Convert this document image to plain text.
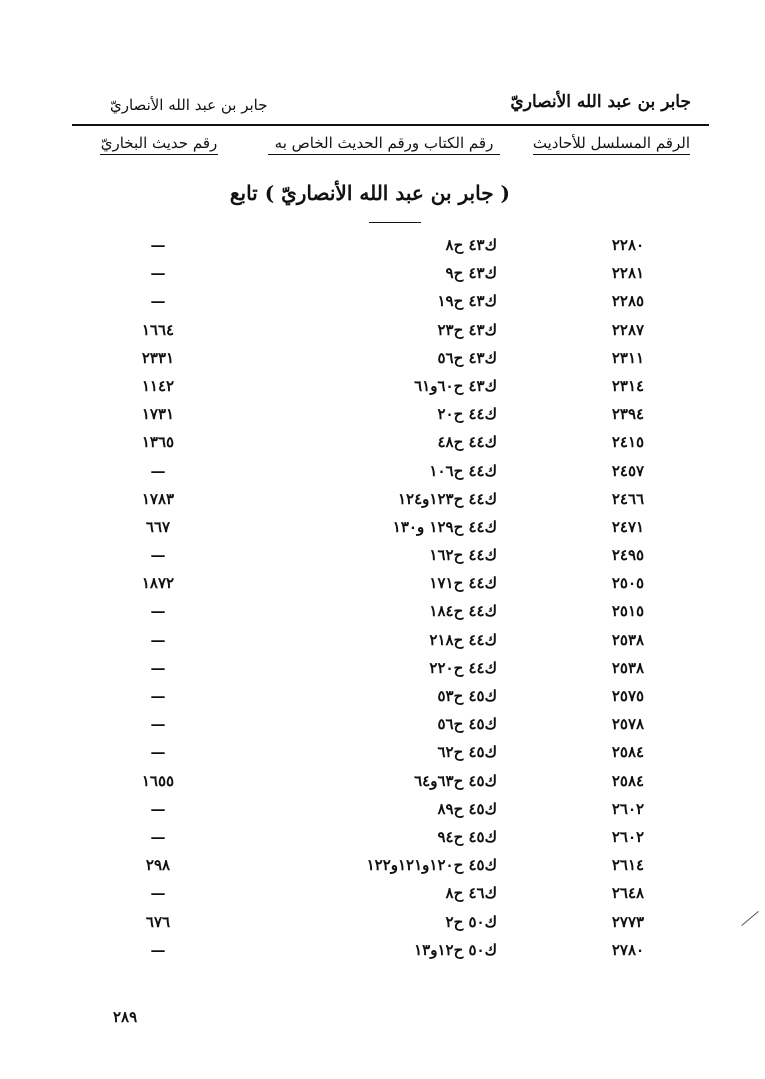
جابر بن عبد الله الأنصاريّ
جابر بن عبد الله الأنصاريّ
الرقم المسلسل للأحاديث
رقم الكتاب ورقم الحديث الخاص به
رقم حديث البخاريّ
( جابر بن عبد الله الأنصاريّ ) تابع
٢٢٨٠
ك٤٣ ح٨
—
٢٢٨١
ك٤٣ ح٩
—
٢٢٨٥
ك٤٣ ح١٩
—
٢٢٨٧
ك٤٣ ح٢٣
١٦٦٤
٢٣١١
ك٤٣ ح٥٦
٢٣٣١
٢٣١٤
ك٤٣ ح٦٠و٦١
١١٤٢
٢٣٩٤
ك٤٤ ح٢٠
١٧٣١
٢٤١٥
ك٤٤ ح٤٨
١٣٦٥
٢٤٥٧
ك٤٤ ح١٠٦
—
٢٤٦٦
ك٤٤ ح١٢٣و١٢٤
١٧٨٣
٢٤٧١
ك٤٤ ح١٢٩ و١٣٠
٦٦٧
٢٤٩٥
ك٤٤ ح١٦٢
—
٢٥٠٥
ك٤٤ ح١٧١
١٨٧٢
٢٥١٥
ك٤٤ ح١٨٤
—
٢٥٣٨
ك٤٤ ح٢١٨
—
٢٥٣٨
ك٤٤ ح٢٢٠
—
٢٥٧٥
ك٤٥ ح٥٣
—
٢٥٧٨
ك٤٥ ح٥٦
—
٢٥٨٤
ك٤٥ ح٦٢
—
٢٥٨٤
ك٤٥ ح٦٣و٦٤
١٦٥٥
٢٦٠٢
ك٤٥ ح٨٩
—
٢٦٠٢
ك٤٥ ح٩٤
—
٢٦١٤
ك٤٥ ح١٢٠و١٢١و١٢٢
٢٩٨
٢٦٤٨
ك٤٦ ح٨
—
٢٧٧٣
ك٥٠ ح٢
٦٧٦
٢٧٨٠
ك٥٠ ح١٢و١٣
—
٢٨٩
